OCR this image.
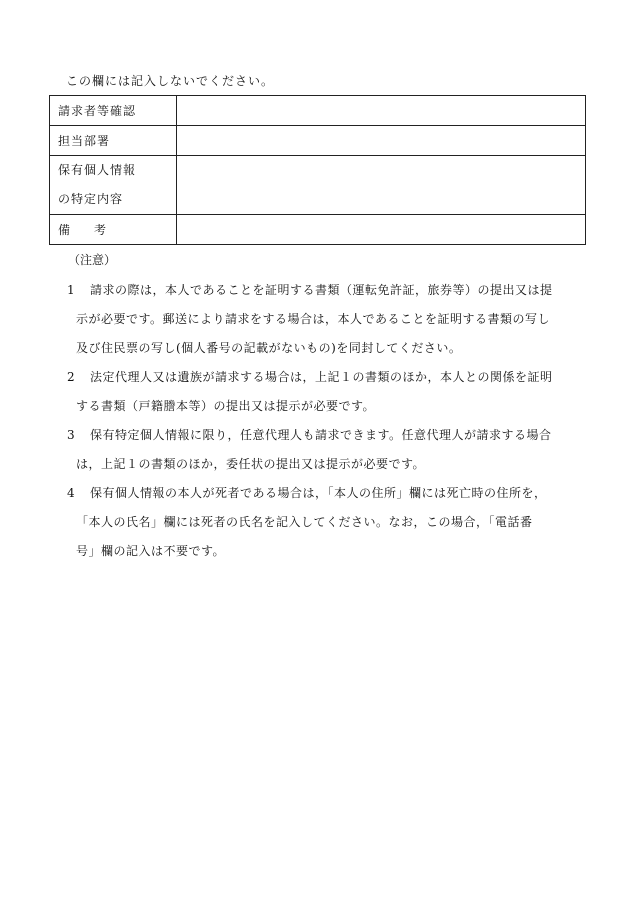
この欄には記入しないでください。
請求者等確認	
担当部署	

保有個人情報
の特定内容	

備 考	
（注意）
1	請求の際は，本人であることを証明する書類（運転免許証，旅券等）の提出又は提
示が必要です。郵送により請求をする場合は，本人であることを証明する書類の写し
及び住民票の写し(個人番号の記載がないもの)を同封してください。
2	法定代理人又は遺族が請求する場合は，上記１の書類のほか，本人との関係を証明
する書類（戸籍謄本等）の提出又は提示が必要です。
3	保有特定個人情報に限り，任意代理人も請求できます。任意代理人が請求する場合
は，上記１の書類のほか，委任状の提出又は提示が必要です。
4	保有個人情報の本人が死者である場合は，「本人の住所」欄には死亡時の住所を，
「本人の氏名」欄には死者の氏名を記入してください。なお，この場合，「電話番
号」欄の記入は不要です。
